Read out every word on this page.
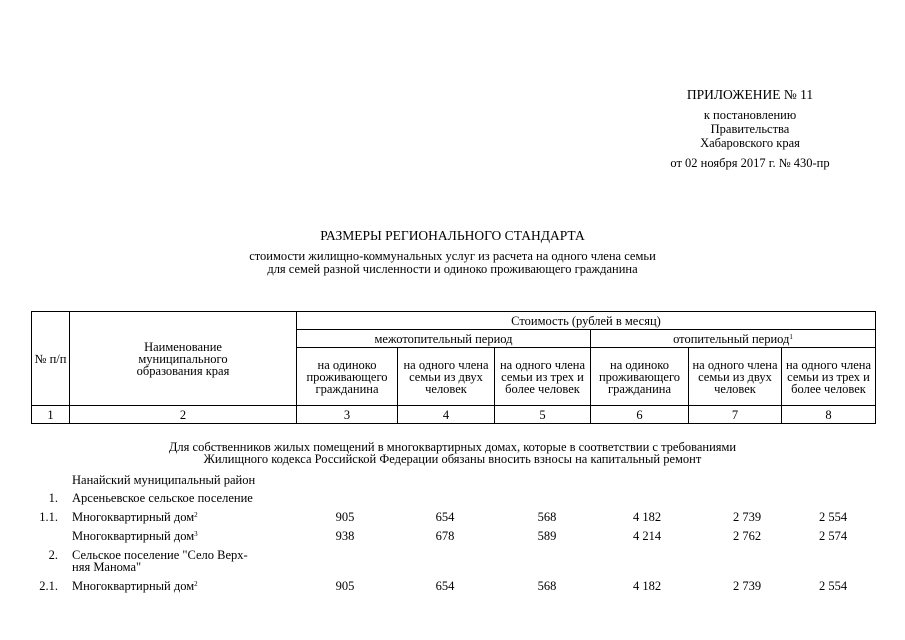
ПРИЛОЖЕНИЕ № 11
к постановлению
Правительства
Хабаровского края
от 02 ноября 2017 г. № 430-пр
РАЗМЕРЫ РЕГИОНАЛЬНОГО СТАНДАРТА
стоимости жилищно-коммунальных услуг из расчета на одного члена семьи
для семей разной численности и одиноко проживающего гражданина
№ п/п	Наименование муниципального образования края	Стоимость (рублей в месяц)					
		межотопительный период			отопительный период$^1$
		на одиноко проживающего гражданина	на одного члена семьи из двух человек	на одного члена семьи из трех и более человек	на одиноко проживающего гражданина	на одного члена семьи из двух человек	на одного члена семьи из трех и более человек
1	2	3	4	5	6	7	8
Для собственников жилых помещений в многоквартирных домах, которые в соответствии с требованиями
Жилищного кодекса Российской Федерации обязаны вносить взносы на капитальный ремонт
Нанайский муниципальный район
1. Арсеньевское сельское поселение
1.1. Многоквартирный дом$^2$	905	654	568	4 182	2 739	2 554
Многоквартирный дом$^3$	938	678	589	4 214	2 762	2 574
2. Сельское поселение "Село Верх-
няя Манома"
2.1. Многоквартирный дом$^2$	905	654	568	4 182	2 739	2 554
